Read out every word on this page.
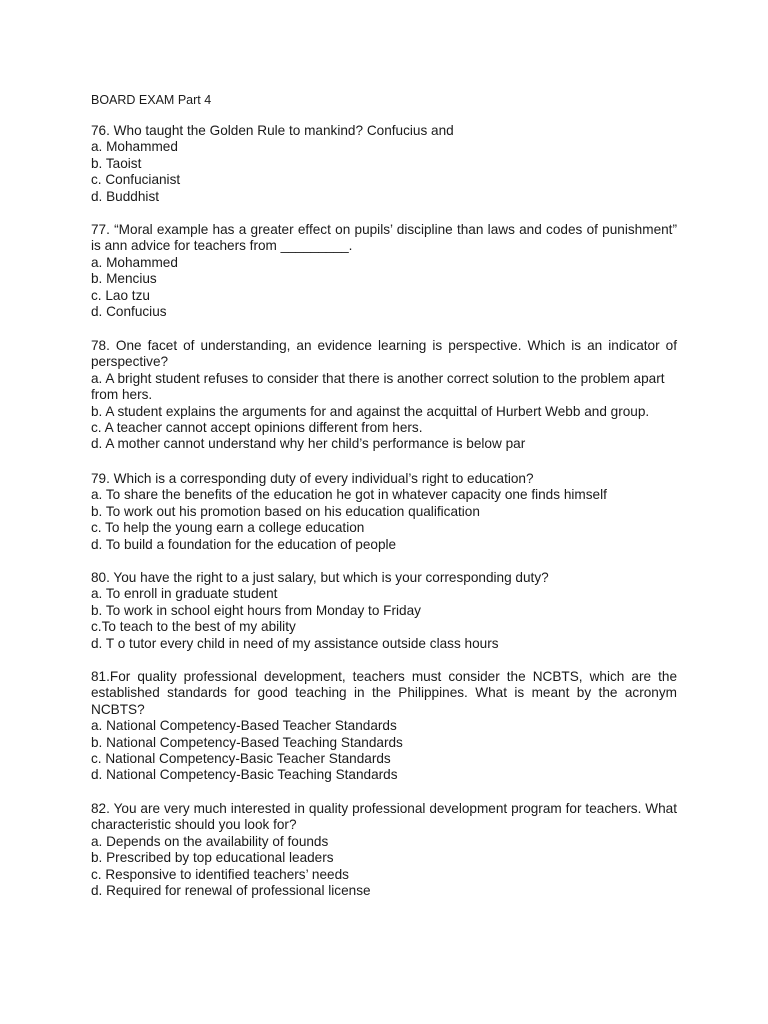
BOARD EXAM Part 4

76. Who taught the Golden Rule to mankind? Confucius and

a. Mohammed

b. Taoist

c. Confucianist

d. Buddhist

77. “Moral example has a greater effect on pupils’ discipline than laws and codes of punishment” is ann advice for teachers from _________.

a. Mohammed

b. Mencius

c. Lao tzu

d. Confucius

78. One facet of understanding, an evidence learning is perspective. Which is an indicator of perspective?

a. A bright student refuses to consider that there is another correct solution to the problem apart from hers.

b. A student explains the arguments for and against the acquittal of Hurbert Webb and group.

c. A teacher cannot accept opinions different from hers.

d. A mother cannot understand why her child’s performance is below par

79. Which is a corresponding duty of every individual’s right to education?

a. To share the benefits of the education he got in whatever capacity one finds himself

b. To work out his promotion based on his education qualification

c. To help the young earn a college education

d. To build a foundation for the education of people

80. You have the right to a just salary, but which is your corresponding duty?

a. To enroll in graduate student

b. To work in school eight hours from Monday to Friday

c.To teach to the best of my ability

d. T o tutor every child in need of my assistance outside class hours

81.For quality professional development, teachers must consider the NCBTS, which are the established standards for good teaching in the Philippines. What is meant by the acronym NCBTS?

a. National Competency-Based Teacher Standards

b. National Competency-Based Teaching Standards

c. National Competency-Basic Teacher Standards

d. National Competency-Basic Teaching Standards

82. You are very much interested in quality professional development program for teachers. What characteristic should you look for?

a. Depends on the availability of founds

b. Prescribed by top educational leaders

c. Responsive to identified teachers’ needs

d. Required for renewal of professional license
